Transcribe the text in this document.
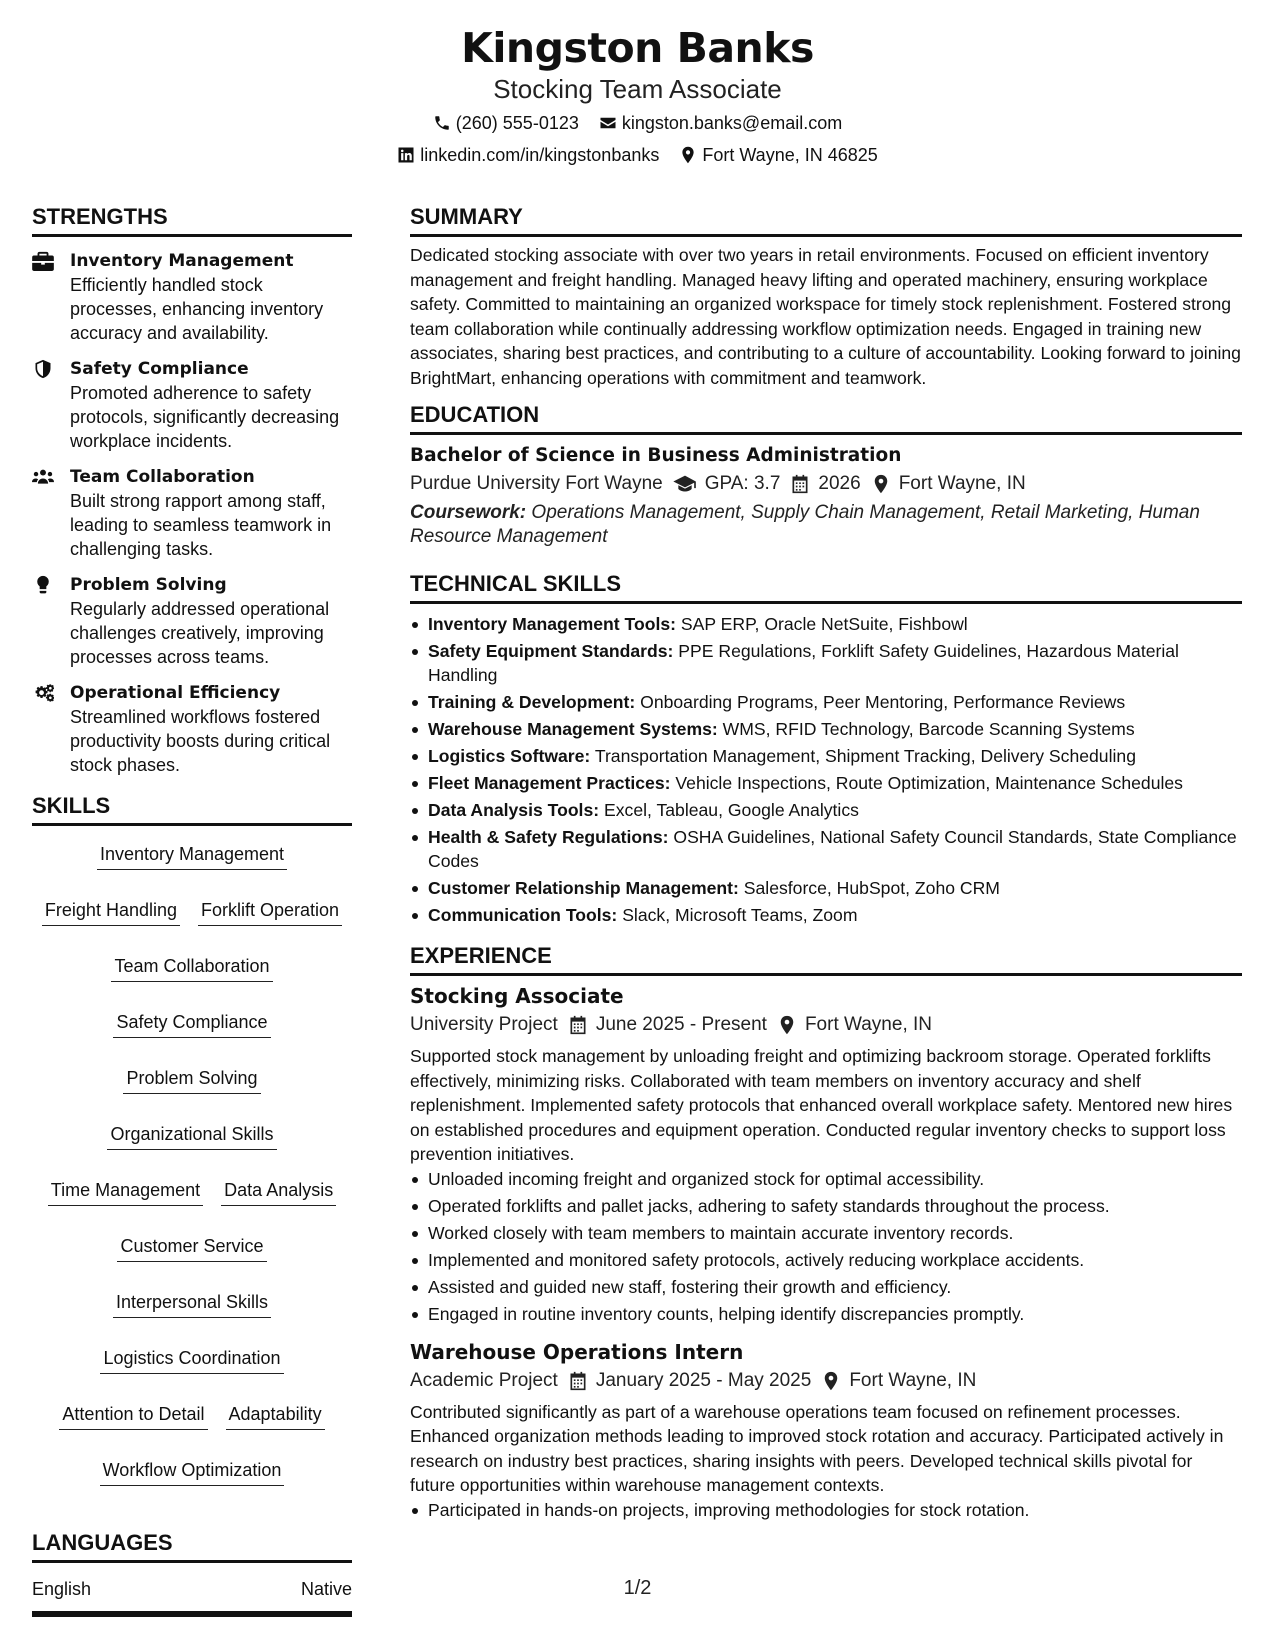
Kingston Banks
Stocking Team Associate
(260) 555-0123 kingston.banks@email.com
linkedin.com/in/kingstonbanks Fort Wayne, IN 46825
STRENGTHS
Inventory Management
Efficiently handled stock processes, enhancing inventory accuracy and availability.
Safety Compliance
Promoted adherence to safety protocols, significantly decreasing workplace incidents.
Team Collaboration
Built strong rapport among staff, leading to seamless teamwork in challenging tasks.
Problem Solving
Regularly addressed operational challenges creatively, improving processes across teams.
Operational Efficiency
Streamlined workflows fostered productivity boosts during critical stock phases.
SKILLS
Inventory Management
Freight Handling Forklift Operation
Team Collaboration
Safety Compliance
Problem Solving
Organizational Skills
Time Management Data Analysis
Customer Service
Interpersonal Skills
Logistics Coordination
Attention to Detail Adaptability
Workflow Optimization
LANGUAGES
English	Native
SUMMARY

Dedicated stocking associate with over two years in retail environments. Focused on efficient inventory management and freight handling. Managed heavy lifting and operated machinery, ensuring workplace safety. Committed to maintaining an organized workspace for timely stock replenishment. Fostered strong team collaboration while continually addressing workflow optimization needs. Engaged in training new associates, sharing best practices, and contributing to a culture of accountability. Looking forward to joining BrightMart, enhancing operations with commitment and teamwork.

EDUCATION
Bachelor of Science in Business Administration
Purdue University Fort Wayne GPA: 3.7 2026 Fort Wayne, IN
Coursework: Operations Management, Supply Chain Management, Retail Marketing, Human Resource Management
TECHNICAL SKILLS
Inventory Management Tools: SAP ERP, Oracle NetSuite, Fishbowl
Safety Equipment Standards: PPE Regulations, Forklift Safety Guidelines, Hazardous Material Handling
Training & Development: Onboarding Programs, Peer Mentoring, Performance Reviews
Warehouse Management Systems: WMS, RFID Technology, Barcode Scanning Systems
Logistics Software: Transportation Management, Shipment Tracking, Delivery Scheduling
Fleet Management Practices: Vehicle Inspections, Route Optimization, Maintenance Schedules
Data Analysis Tools: Excel, Tableau, Google Analytics
Health & Safety Regulations: OSHA Guidelines, National Safety Council Standards, State Compliance Codes
Customer Relationship Management: Salesforce, HubSpot, Zoho CRM
Communication Tools: Slack, Microsoft Teams, Zoom
EXPERIENCE
Stocking Associate
University Project June 2025 - Present Fort Wayne, IN

Supported stock management by unloading freight and optimizing backroom storage. Operated forklifts effectively, minimizing risks. Collaborated with team members on inventory accuracy and shelf replenishment. Implemented safety protocols that enhanced overall workplace safety. Mentored new hires on established procedures and equipment operation. Conducted regular inventory checks to support loss prevention initiatives.

Unloaded incoming freight and organized stock for optimal accessibility.
Operated forklifts and pallet jacks, adhering to safety standards throughout the process.
Worked closely with team members to maintain accurate inventory records.
Implemented and monitored safety protocols, actively reducing workplace accidents.
Assisted and guided new staff, fostering their growth and efficiency.
Engaged in routine inventory counts, helping identify discrepancies promptly.
Warehouse Operations Intern
Academic Project January 2025 - May 2025 Fort Wayne, IN

Contributed significantly as part of a warehouse operations team focused on refinement processes. Enhanced organization methods leading to improved stock rotation and accuracy. Participated actively in research on industry best practices, sharing insights with peers. Developed technical skills pivotal for future opportunities within warehouse management contexts.

Participated in hands-on projects, improving methodologies for stock rotation.
1/2
